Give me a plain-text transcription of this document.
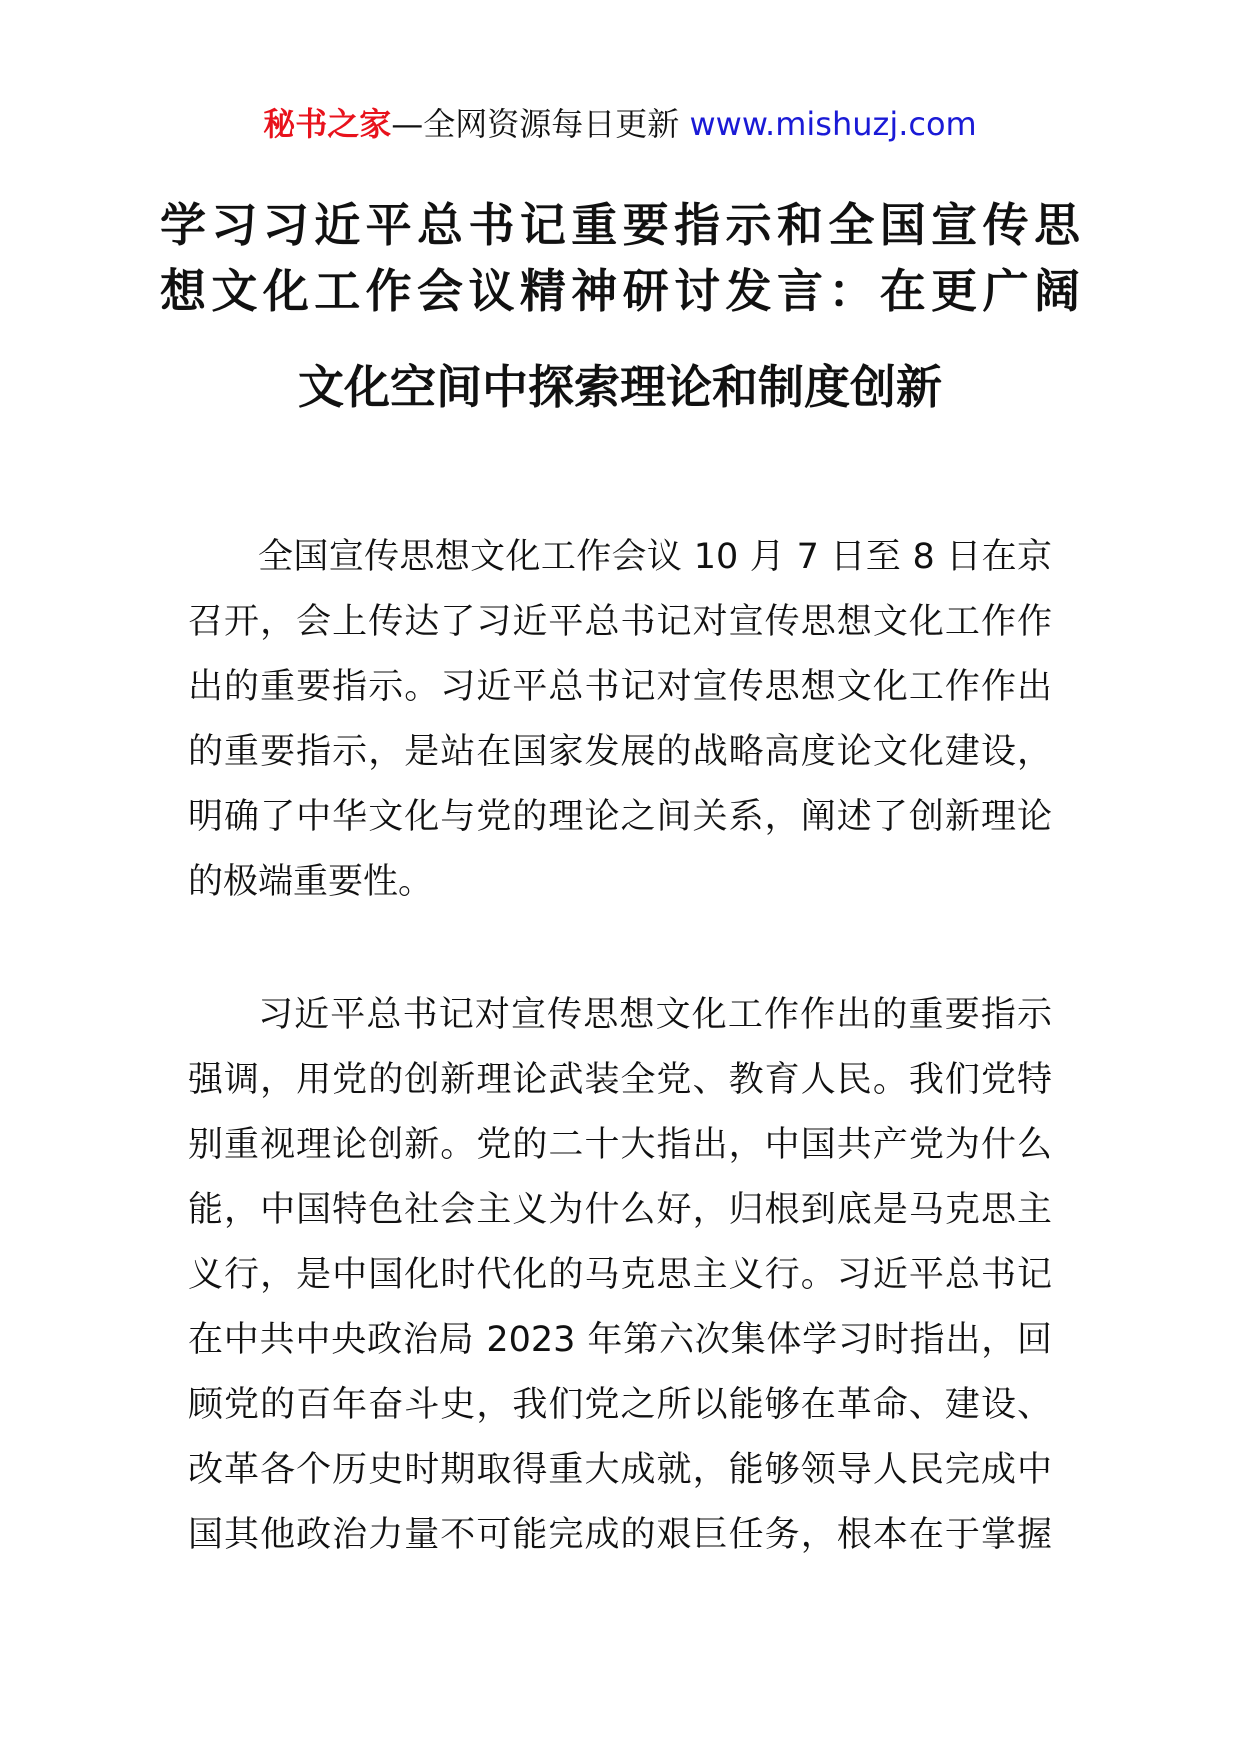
秘书之家—全网资源每日更新 www.mishuzj.com
学习习近平总书记重要指示和全国宣传思
想文化工作会议精神研讨发言：在更广阔
文化空间中探索理论和制度创新

全国宣传思想文化工作会议 10 月 7 日至 8 日在京
召开，会上传达了习近平总书记对宣传思想文化工作作
出的重要指示。习近平总书记对宣传思想文化工作作出
的重要指示，是站在国家发展的战略高度论文化建设，
明确了中华文化与党的理论之间关系，阐述了创新理论
的极端重要性。

习近平总书记对宣传思想文化工作作出的重要指示
强调，用党的创新理论武装全党、教育人民。我们党特
别重视理论创新。党的二十大指出，中国共产党为什么
能，中国特色社会主义为什么好，归根到底是马克思主
义行，是中国化时代化的马克思主义行。习近平总书记
在中共中央政治局 2023 年第六次集体学习时指出，回
顾党的百年奋斗史，我们党之所以能够在革命、建设、
改革各个历史时期取得重大成就，能够领导人民完成中
国其他政治力量不可能完成的艰巨任务，根本在于掌握
